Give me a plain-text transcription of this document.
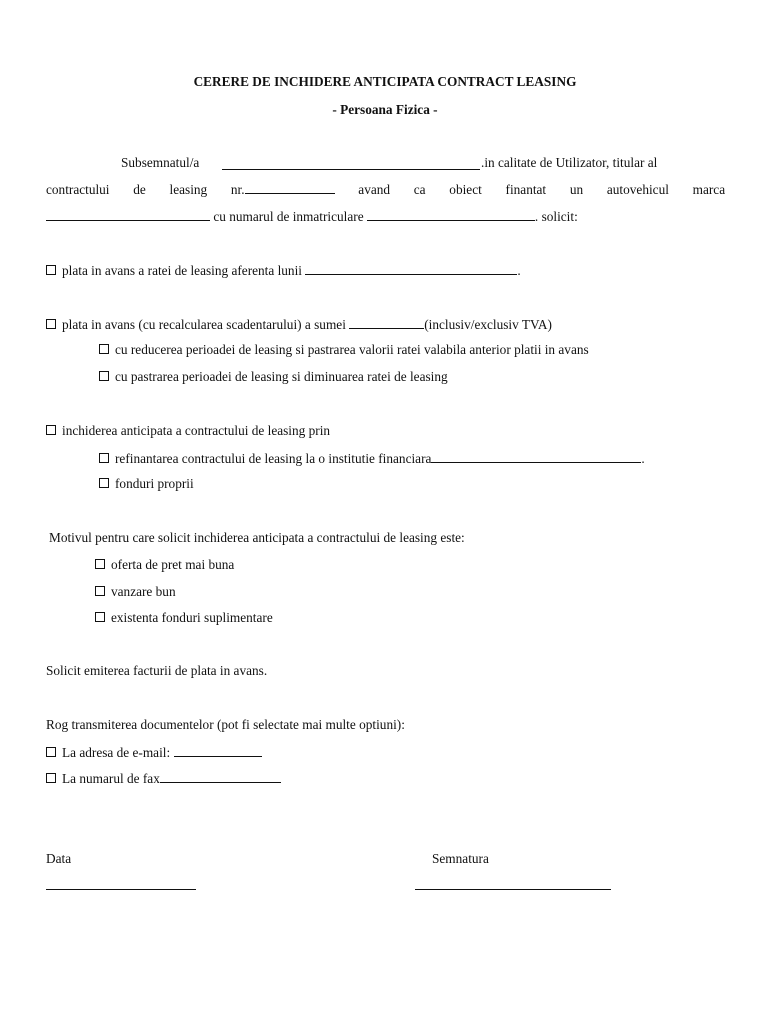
CERERE DE INCHIDERE ANTICIPATA CONTRACT LEASING
- Persoana Fizica -
Subsemnatul/a	.in calitate de Utilizator, titular al
contractului de leasing nr.	avand ca obiect finantat un autovehicul marca
cu numarul de inmatriculare	. solicit:
plata in avans a ratei de leasing aferenta lunii	.
plata in avans (cu recalcularea scadentarului) a sumei	(inclusiv/exclusiv TVA)
cu reducerea perioadei de leasing si pastrarea valorii ratei valabila anterior platii in avans
cu pastrarea perioadei de leasing si diminuarea ratei de leasing
inchiderea anticipata a contractului de leasing prin
refinantarea contractului de leasing la o institutie financiara	.
fonduri proprii
Motivul pentru care solicit inchiderea anticipata a contractului de leasing este:
oferta de pret mai buna
vanzare bun
existenta fonduri suplimentare
Solicit emiterea facturii de plata in avans.
Rog transmiterea documentelor (pot fi selectate mai multe optiuni):
La adresa de e-mail:
La numarul de fax
Data	Semnatura
